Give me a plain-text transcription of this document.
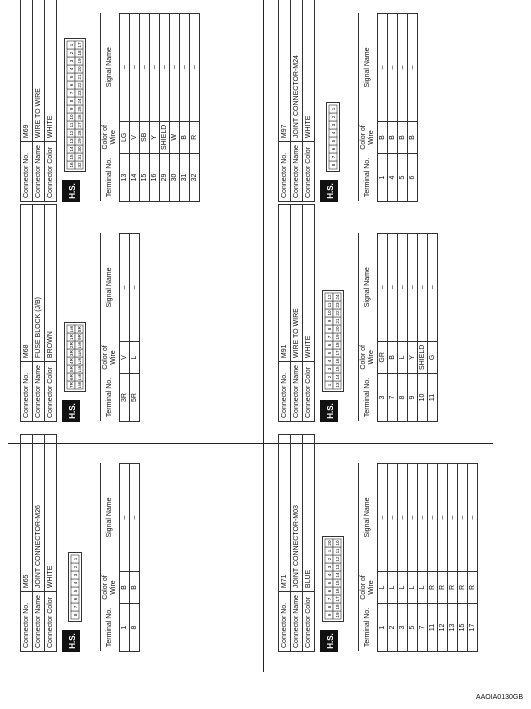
Connector No.	M65
Connector Name	JOINT CONNECTOR-M26
Connector Color	WHITE
H.S.
8
7
6
5
4
3
2
1
Terminal No.	Color of Wire	Signal Name
1	B	–
8	B	–
Connector No.	M68
Connector Name	FUSE BLOCK (J/B)
Connector Color	BROWN
H.S.
7R
6R
5R
4R
3R
2R
1R
16R
15R
14R
13R
12R
11R
10R
9R
8R
Terminal No.	Color of Wire	Signal Name
3R	V	–
5R	L	–
Connector No.	M69
Connector Name	WIRE TO WIRE
Connector Color	WHITE
H.S.
16
15
14
13
12
11
10
9
8
7
6
5
4
3
2
1
32
31
30
29
28
27
26
25
24
23
22
21
20
19
18
17
Terminal No.	Color of Wire	Signal Name
13	LG	–
14	V	–
15	SB	–
16	Y	–
29	SHIELD	–
30	W	–
31	B	–
32	R	–
Connector No.	M71
Connector Name	JOINT CONNECTOR-M03
Connector Color	BLUE
H.S.
9
8
7
6
5
4
3
2
1
20
19
18
17
16
15
14
13
12
11
10
Terminal No.	Color of Wire	Signal Name
1	L	–
2	L	–
3	L	–
5	L	–
7	L	–
11	R	–
12	R	–
13	R	–
15	R	–
17	R	–
Connector No.	M91
Connector Name	WIRE TO WIRE
Connector Color	WHITE
H.S.
1
2
3
4
5
6
7
8
9
10
11
12
13
14
15
16
17
18
19
20
21
22
23
24
Terminal No.	Color of Wire	Signal Name
3	GR	–
7	B	–
8	L	–
9	Y	–
10	SHIELD	–
11	G	–
Connector No.	M97
Connector Name	JOINT CONNECTOR-M24
Connector Color	WHITE
H.S.
8
7
6
5
4
3
2
1
Terminal No.	Color of Wire	Signal Name
1	B	–
4	B	–
5	B	–
6	B	–
AAOIA0130GB
